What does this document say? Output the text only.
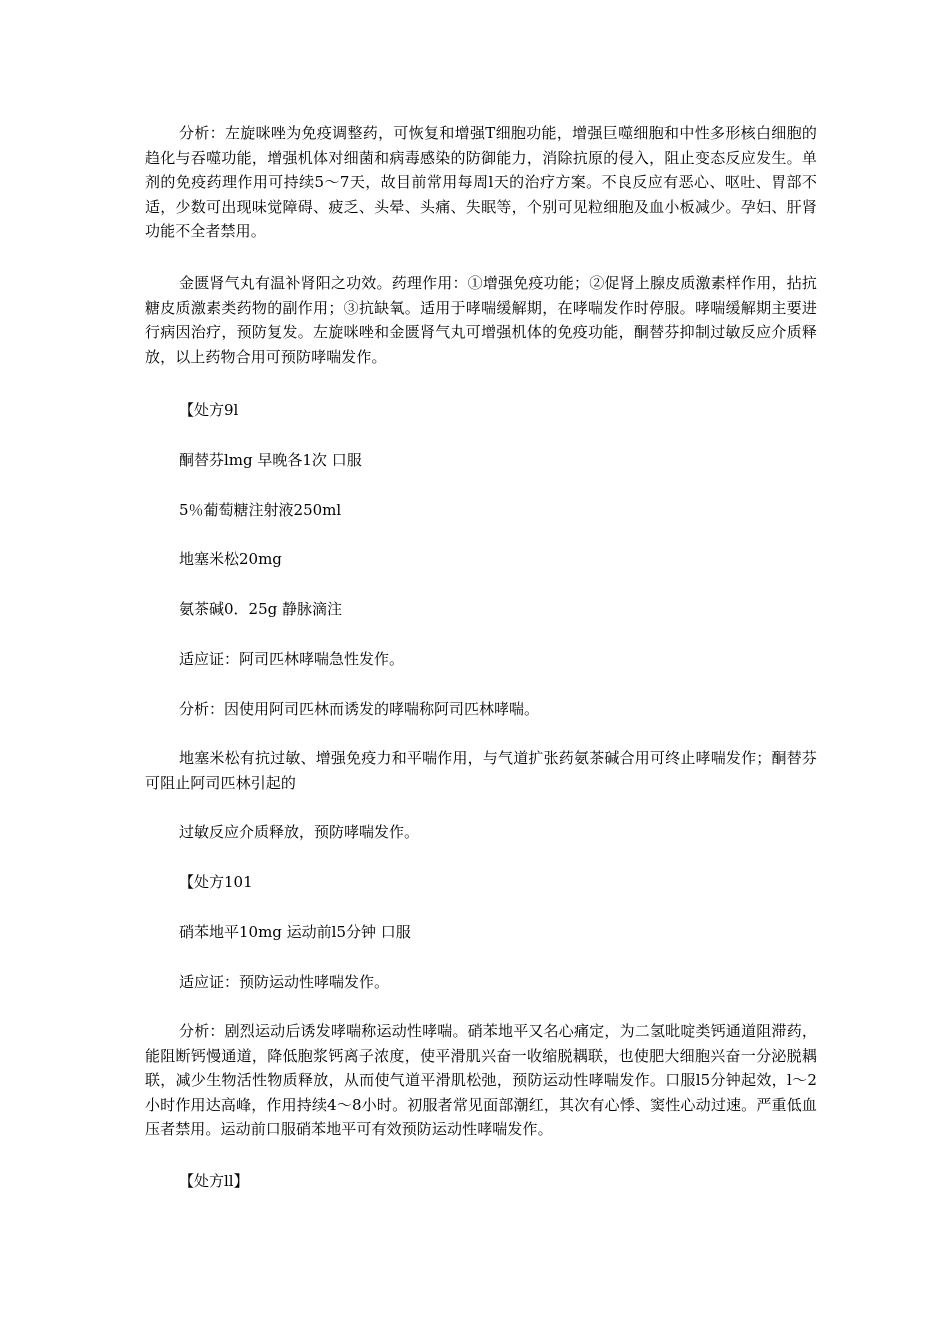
分析：左旋咪唑为免疫调整药，可恢复和增强T细胞功能，增强巨噬细胞和中性多形核白细胞的趋化与吞噬功能，增强机体对细菌和病毒感染的防御能力，消除抗原的侵入，阻止变态反应发生。单剂的免疫药理作用可持续5～7天，故目前常用每周l天的治疗方案。不良反应有恶心、呕吐、胃部不适，少数可出现味觉障碍、疲乏、头晕、头痛、失眠等，个别可见粒细胞及血小板减少。孕妇、肝肾功能不全者禁用。

金匮肾气丸有温补肾阳之功效。药理作用：①增强免疫功能；②促肾上腺皮质激素样作用，拈抗糖皮质激素类药物的副作用；③抗缺氧。适用于哮喘缓解期，在哮喘发作时停服。哮喘缓解期主要进行病因治疗，预防复发。左旋咪唑和金匮肾气丸可增强机体的免疫功能，酮替芬抑制过敏反应介质释放，以上药物合用可预防哮喘发作。

【处方9l

酮替芬lmg 早晚各1次 口服

5％葡萄糖注射液250ml

地塞米松20mg

氨茶碱0．25g 静脉滴注

适应证：阿司匹林哮喘急性发作。

分析：因使用阿司匹林而诱发的哮喘称阿司匹林哮喘。

地塞米松有抗过敏、增强免疫力和平喘作用，与气道扩张药氨茶碱合用可终止哮喘发作；酮替芬可阻止阿司匹林引起的

过敏反应介质释放，预防哮喘发作。

【处方101

硝苯地平10mg 运动前l5分钟 口服

适应证：预防运动性哮喘发作。

分析：剧烈运动后诱发哮喘称运动性哮喘。硝苯地平又名心痛定，为二氢吡啶类钙通道阻滞药，能阻断钙慢通道，降低胞浆钙离子浓度，使平滑肌兴奋一收缩脱耦联，也使肥大细胞兴奋一分泌脱耦联，减少生物活性物质释放，从而使气道平滑肌松弛，预防运动性哮喘发作。口服l5分钟起效，l～2小时作用达高峰，作用持续4～8小时。初服者常见面部潮红，其次有心悸、窦性心动过速。严重低血压者禁用。运动前口服硝苯地平可有效预防运动性哮喘发作。

【处方ll】
